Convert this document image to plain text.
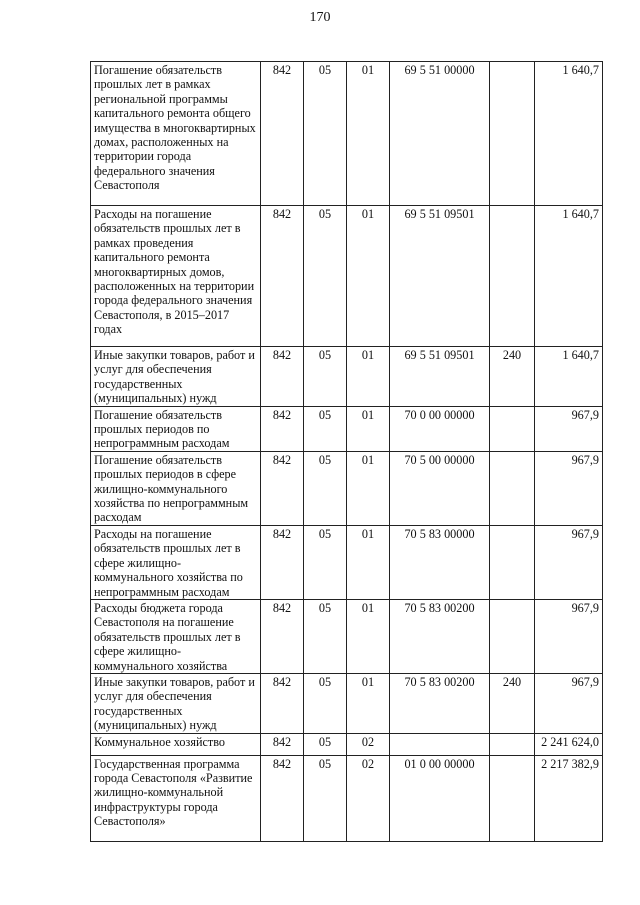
170
Погашение обязательств прошлых лет в рамках региональной программы капитального ремонта общего имущества в многоквартирных домах, расположенных на территории города федерального значения Севастополя	842	05	01	69 5 51 00000		1 640,7
Расходы на погашение обязательств прошлых лет в рамках проведения капитального ремонта многоквартирных домов, расположенных на территории города федерального значения Севастополя, в 2015–2017 годах	842	05	01	69 5 51 09501		1 640,7
Иные закупки товаров, работ и услуг для обеспечения государственных (муниципальных) нужд	842	05	01	69 5 51 09501	240	1 640,7
Погашение обязательств прошлых периодов по непрограммным расходам	842	05	01	70 0 00 00000		967,9
Погашение обязательств прошлых периодов в сфере жилищно-коммунального хозяйства по непрограммным расходам	842	05	01	70 5 00 00000		967,9
Расходы на погашение обязательств прошлых лет в сфере жилищно-коммунального хозяйства по непрограммным расходам	842	05	01	70 5 83 00000		967,9
Расходы бюджета города Севастополя на погашение обязательств прошлых лет в сфере жилищно-коммунального хозяйства	842	05	01	70 5 83 00200		967,9
Иные закупки товаров, работ и услуг для обеспечения государственных (муниципальных) нужд	842	05	01	70 5 83 00200	240	967,9
Коммунальное хозяйство	842	05	02			2 241 624,0
Государственная программа города Севастополя «Развитие жилищно-коммунальной инфраструктуры города Севастополя»	842	05	02	01 0 00 00000		2 217 382,9
